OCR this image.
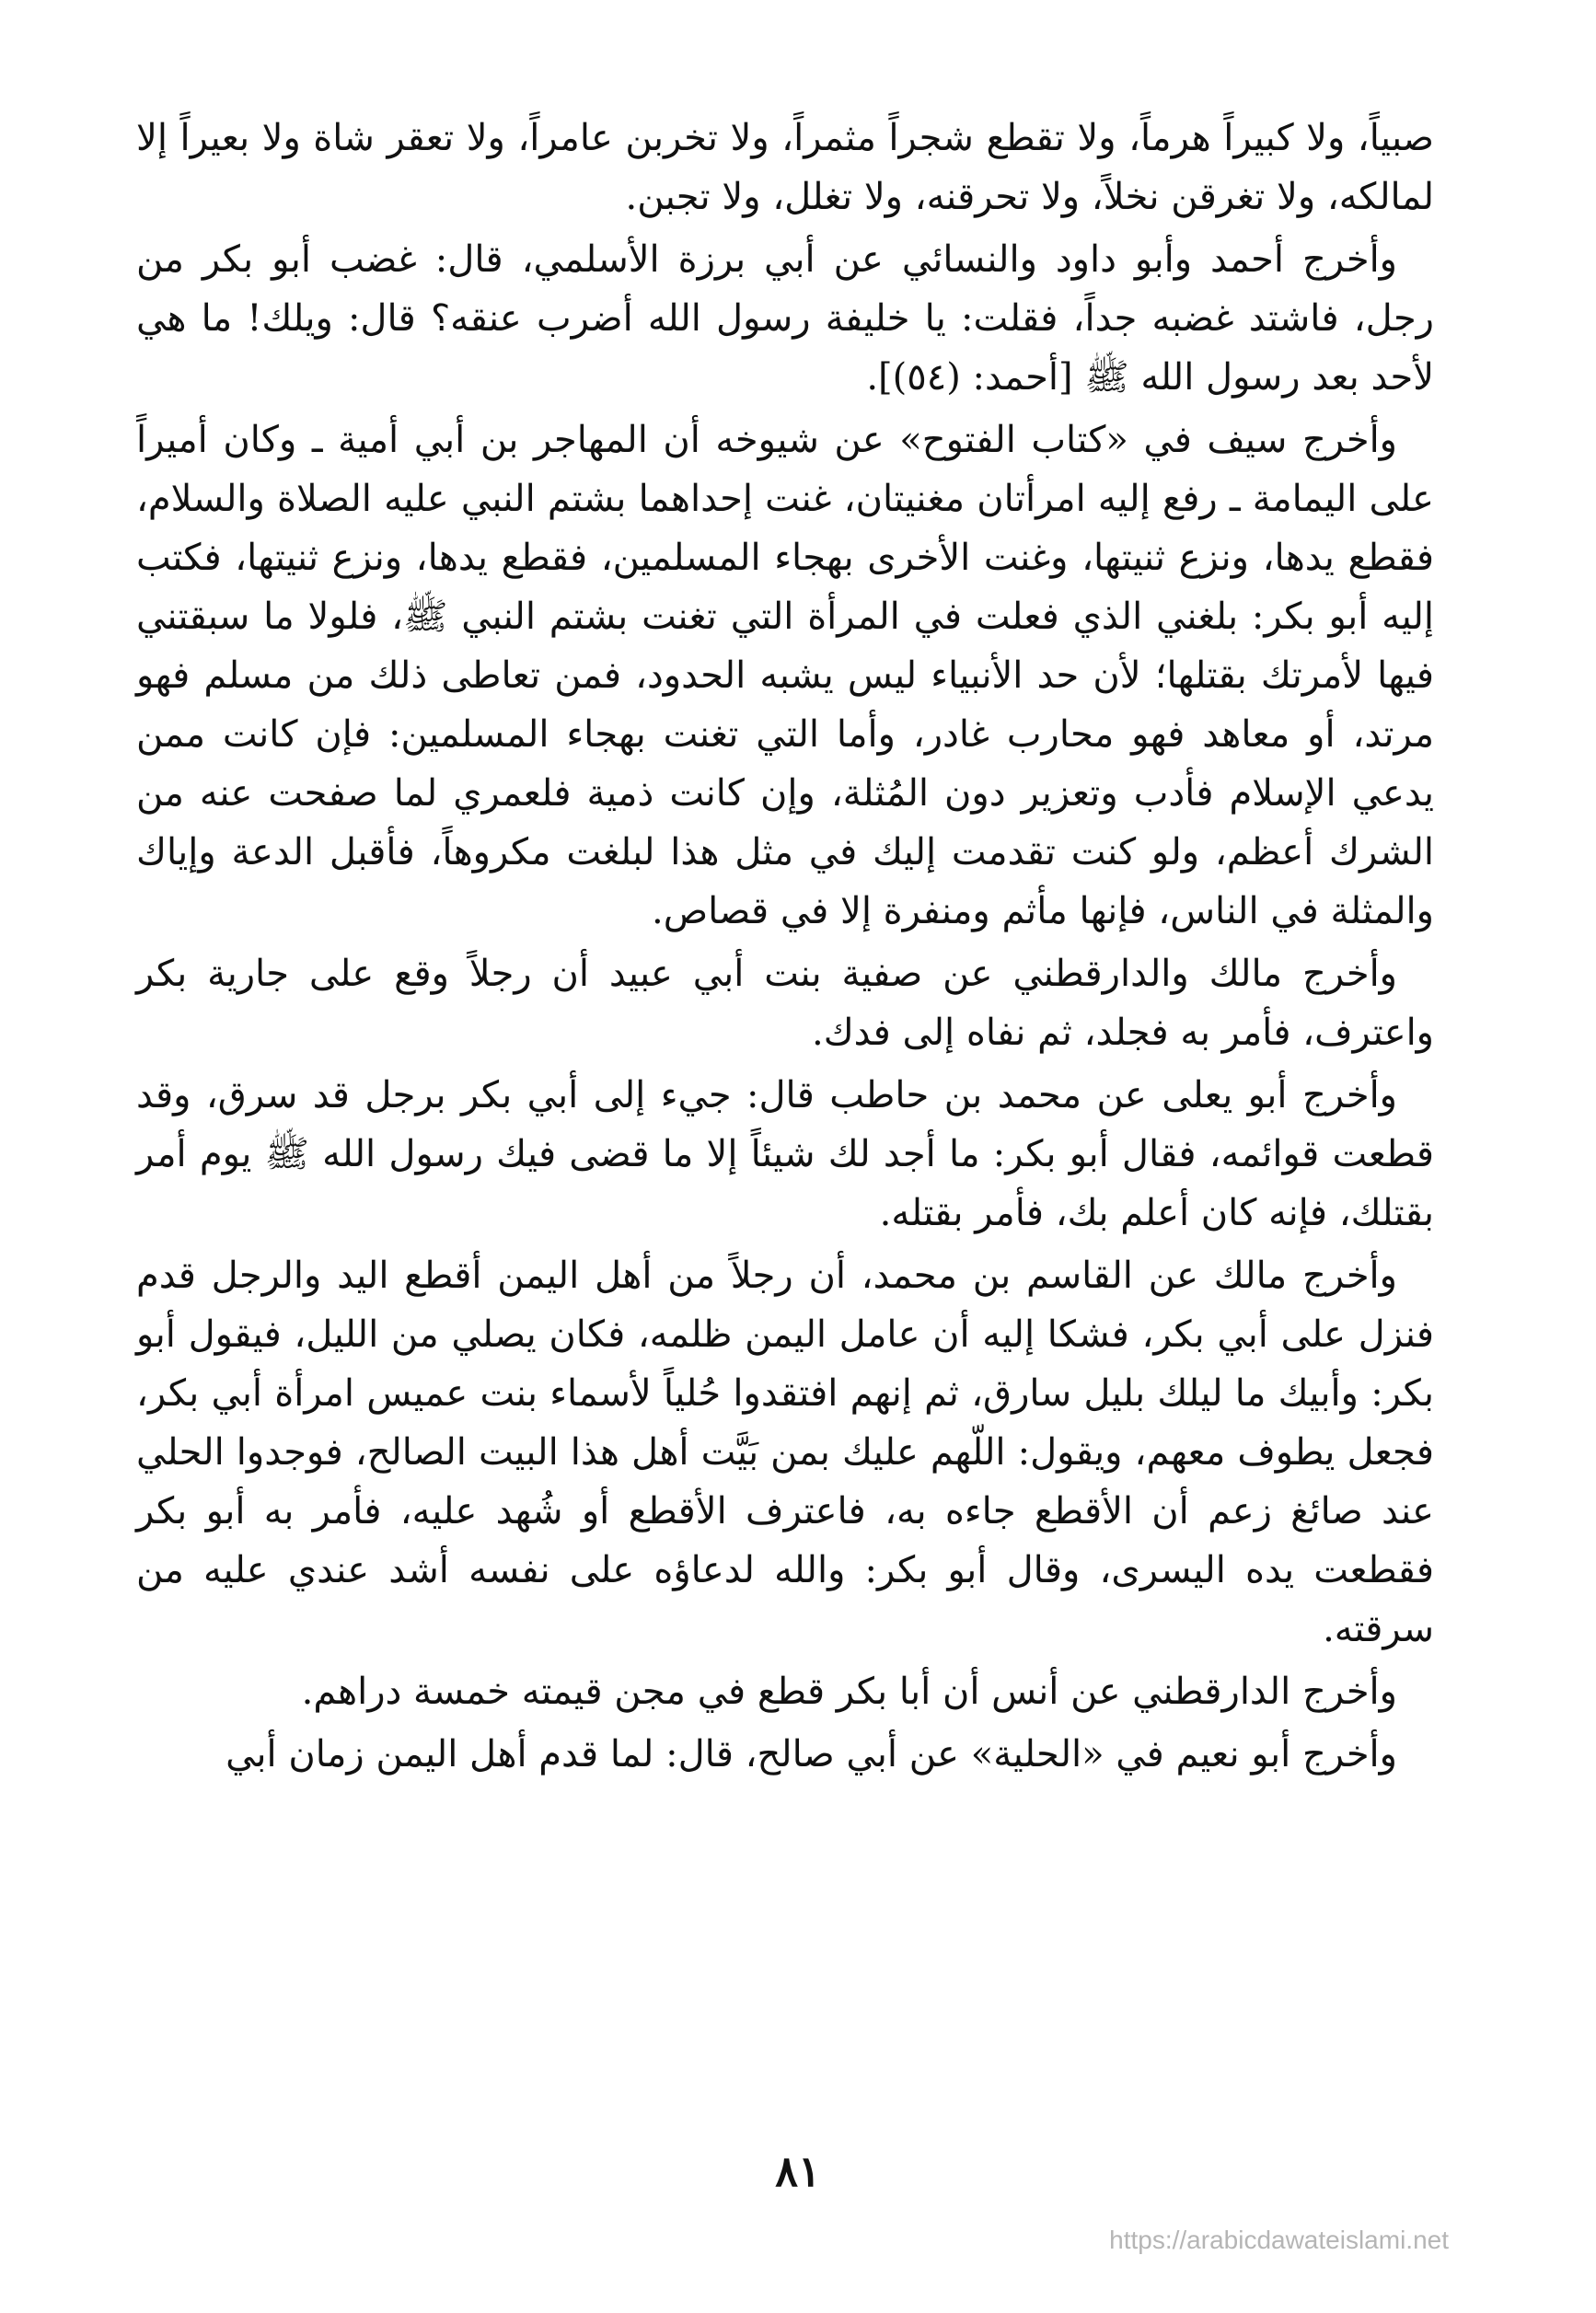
صبياً، ولا كبيراً هرماً، ولا تقطع شجراً مثمراً، ولا تخربن عامراً، ولا تعقر شاة ولا بعيراً إلا لمالكه، ولا تغرقن نخلاً، ولا تحرقنه، ولا تغلل، ولا تجبن.

وأخرج أحمد وأبو داود والنسائي عن أبي برزة الأسلمي، قال: غضب أبو بكر من رجل، فاشتد غضبه جداً، فقلت: يا خليفة رسول الله أضرب عنقه؟ قال: ويلك! ما هي لأحد بعد رسول الله ﷺ [أحمد: (٥٤)].

وأخرج سيف في «كتاب الفتوح» عن شيوخه أن المهاجر بن أبي أمية ـ وكان أميراً على اليمامة ـ رفع إليه امرأتان مغنيتان، غنت إحداهما بشتم النبي عليه الصلاة والسلام، فقطع يدها، ونزع ثنيتها، وغنت الأخرى بهجاء المسلمين، فقطع يدها، ونزع ثنيتها، فكتب إليه أبو بكر: بلغني الذي فعلت في المرأة التي تغنت بشتم النبي ﷺ، فلولا ما سبقتني فيها لأمرتك بقتلها؛ لأن حد الأنبياء ليس يشبه الحدود، فمن تعاطى ذلك من مسلم فهو مرتد، أو معاهد فهو محارب غادر، وأما التي تغنت بهجاء المسلمين: فإن كانت ممن يدعي الإسلام فأدب وتعزير دون المُثلة، وإن كانت ذمية فلعمري لما صفحت عنه من الشرك أعظم، ولو كنت تقدمت إليك في مثل هذا لبلغت مكروهاً، فأقبل الدعة وإياك والمثلة في الناس، فإنها مأثم ومنفرة إلا في قصاص.

وأخرج مالك والدارقطني عن صفية بنت أبي عبيد أن رجلاً وقع على جارية بكر واعترف، فأمر به فجلد، ثم نفاه إلى فدك.

وأخرج أبو يعلى عن محمد بن حاطب قال: جيء إلى أبي بكر برجل قد سرق، وقد قطعت قوائمه، فقال أبو بكر: ما أجد لك شيئاً إلا ما قضى فيك رسول الله ﷺ يوم أمر بقتلك، فإنه كان أعلم بك، فأمر بقتله.

وأخرج مالك عن القاسم بن محمد، أن رجلاً من أهل اليمن أقطع اليد والرجل قدم فنزل على أبي بكر، فشكا إليه أن عامل اليمن ظلمه، فكان يصلي من الليل، فيقول أبو بكر: وأبيك ما ليلك بليل سارق، ثم إنهم افتقدوا حُلياً لأسماء بنت عميس امرأة أبي بكر، فجعل يطوف معهم، ويقول: اللّهم عليك بمن بَيَّت أهل هذا البيت الصالح، فوجدوا الحلي عند صائغ زعم أن الأقطع جاءه به، فاعترف الأقطع أو شُهد عليه، فأمر به أبو بكر فقطعت يده اليسرى، وقال أبو بكر: والله لدعاؤه على نفسه أشد عندي عليه من سرقته.

وأخرج الدارقطني عن أنس أن أبا بكر قطع في مجن قيمته خمسة دراهم.

وأخرج أبو نعيم في «الحلية» عن أبي صالح، قال: لما قدم أهل اليمن زمان أبي

٨١
https://arabicdawateislami.net
